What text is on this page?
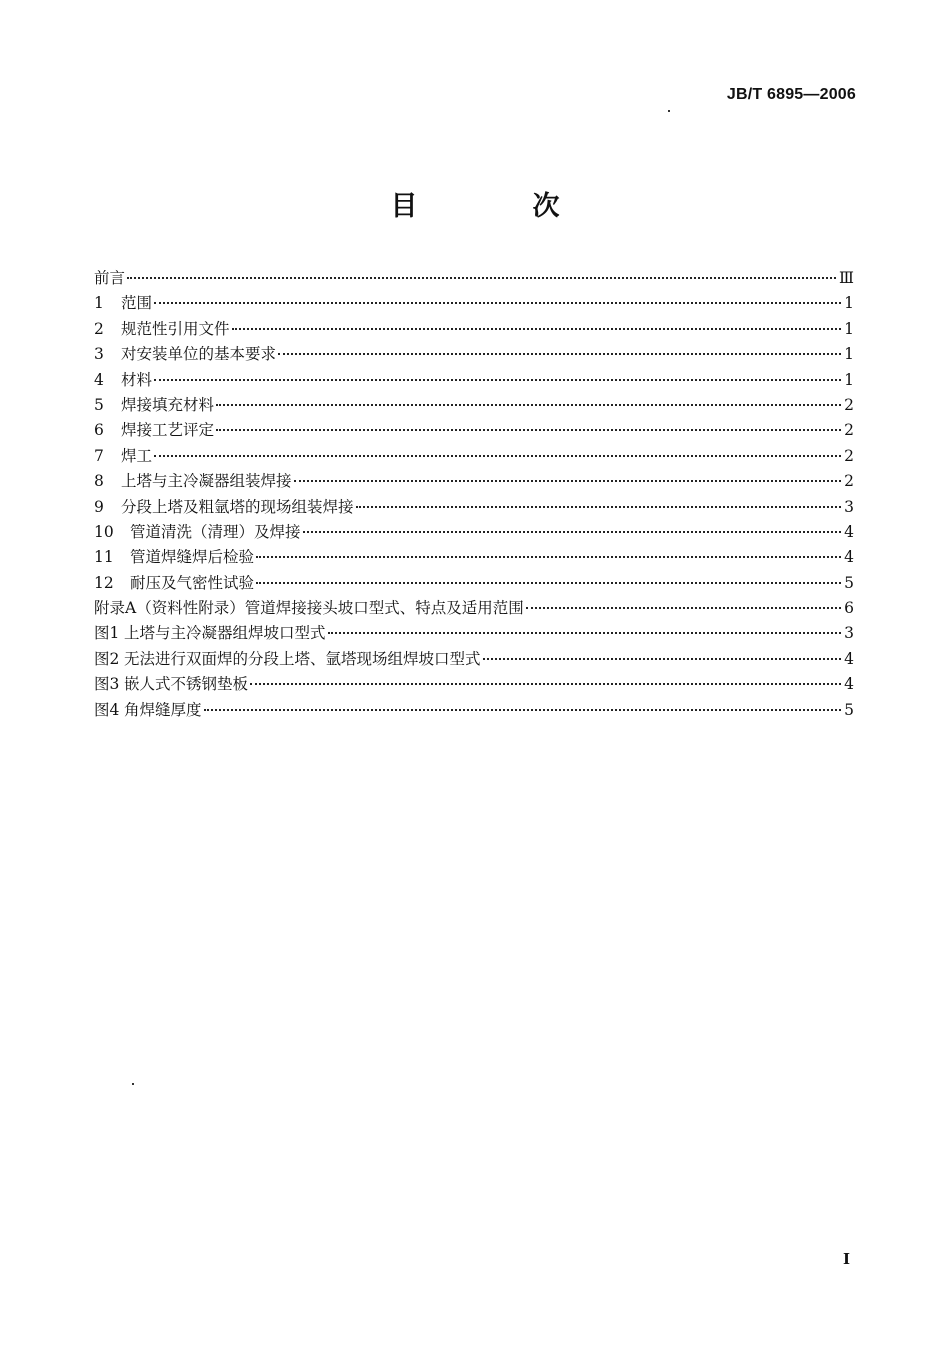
JB/T 6895—2006
目　次
前言	Ⅲ
1	范围	1
2	规范性引用文件	1
3	对安装单位的基本要求	1
4	材料	1
5	焊接填充材料	2
6	焊接工艺评定	2
7	焊工	2
8	上塔与主冷凝器组装焊接	2
9	分段上塔及粗氩塔的现场组装焊接	3
10	管道清洗（清理）及焊接	4
11	管道焊缝焊后检验	4
12	耐压及气密性试验	5
附录A（资料性附录）管道焊接接头坡口型式、特点及适用范围	6
图1 上塔与主冷凝器组焊坡口型式	3
图2 无法进行双面焊的分段上塔、氩塔现场组焊坡口型式	4
图3 嵌人式不锈钢垫板	4
图4 角焊缝厚度	5
I
